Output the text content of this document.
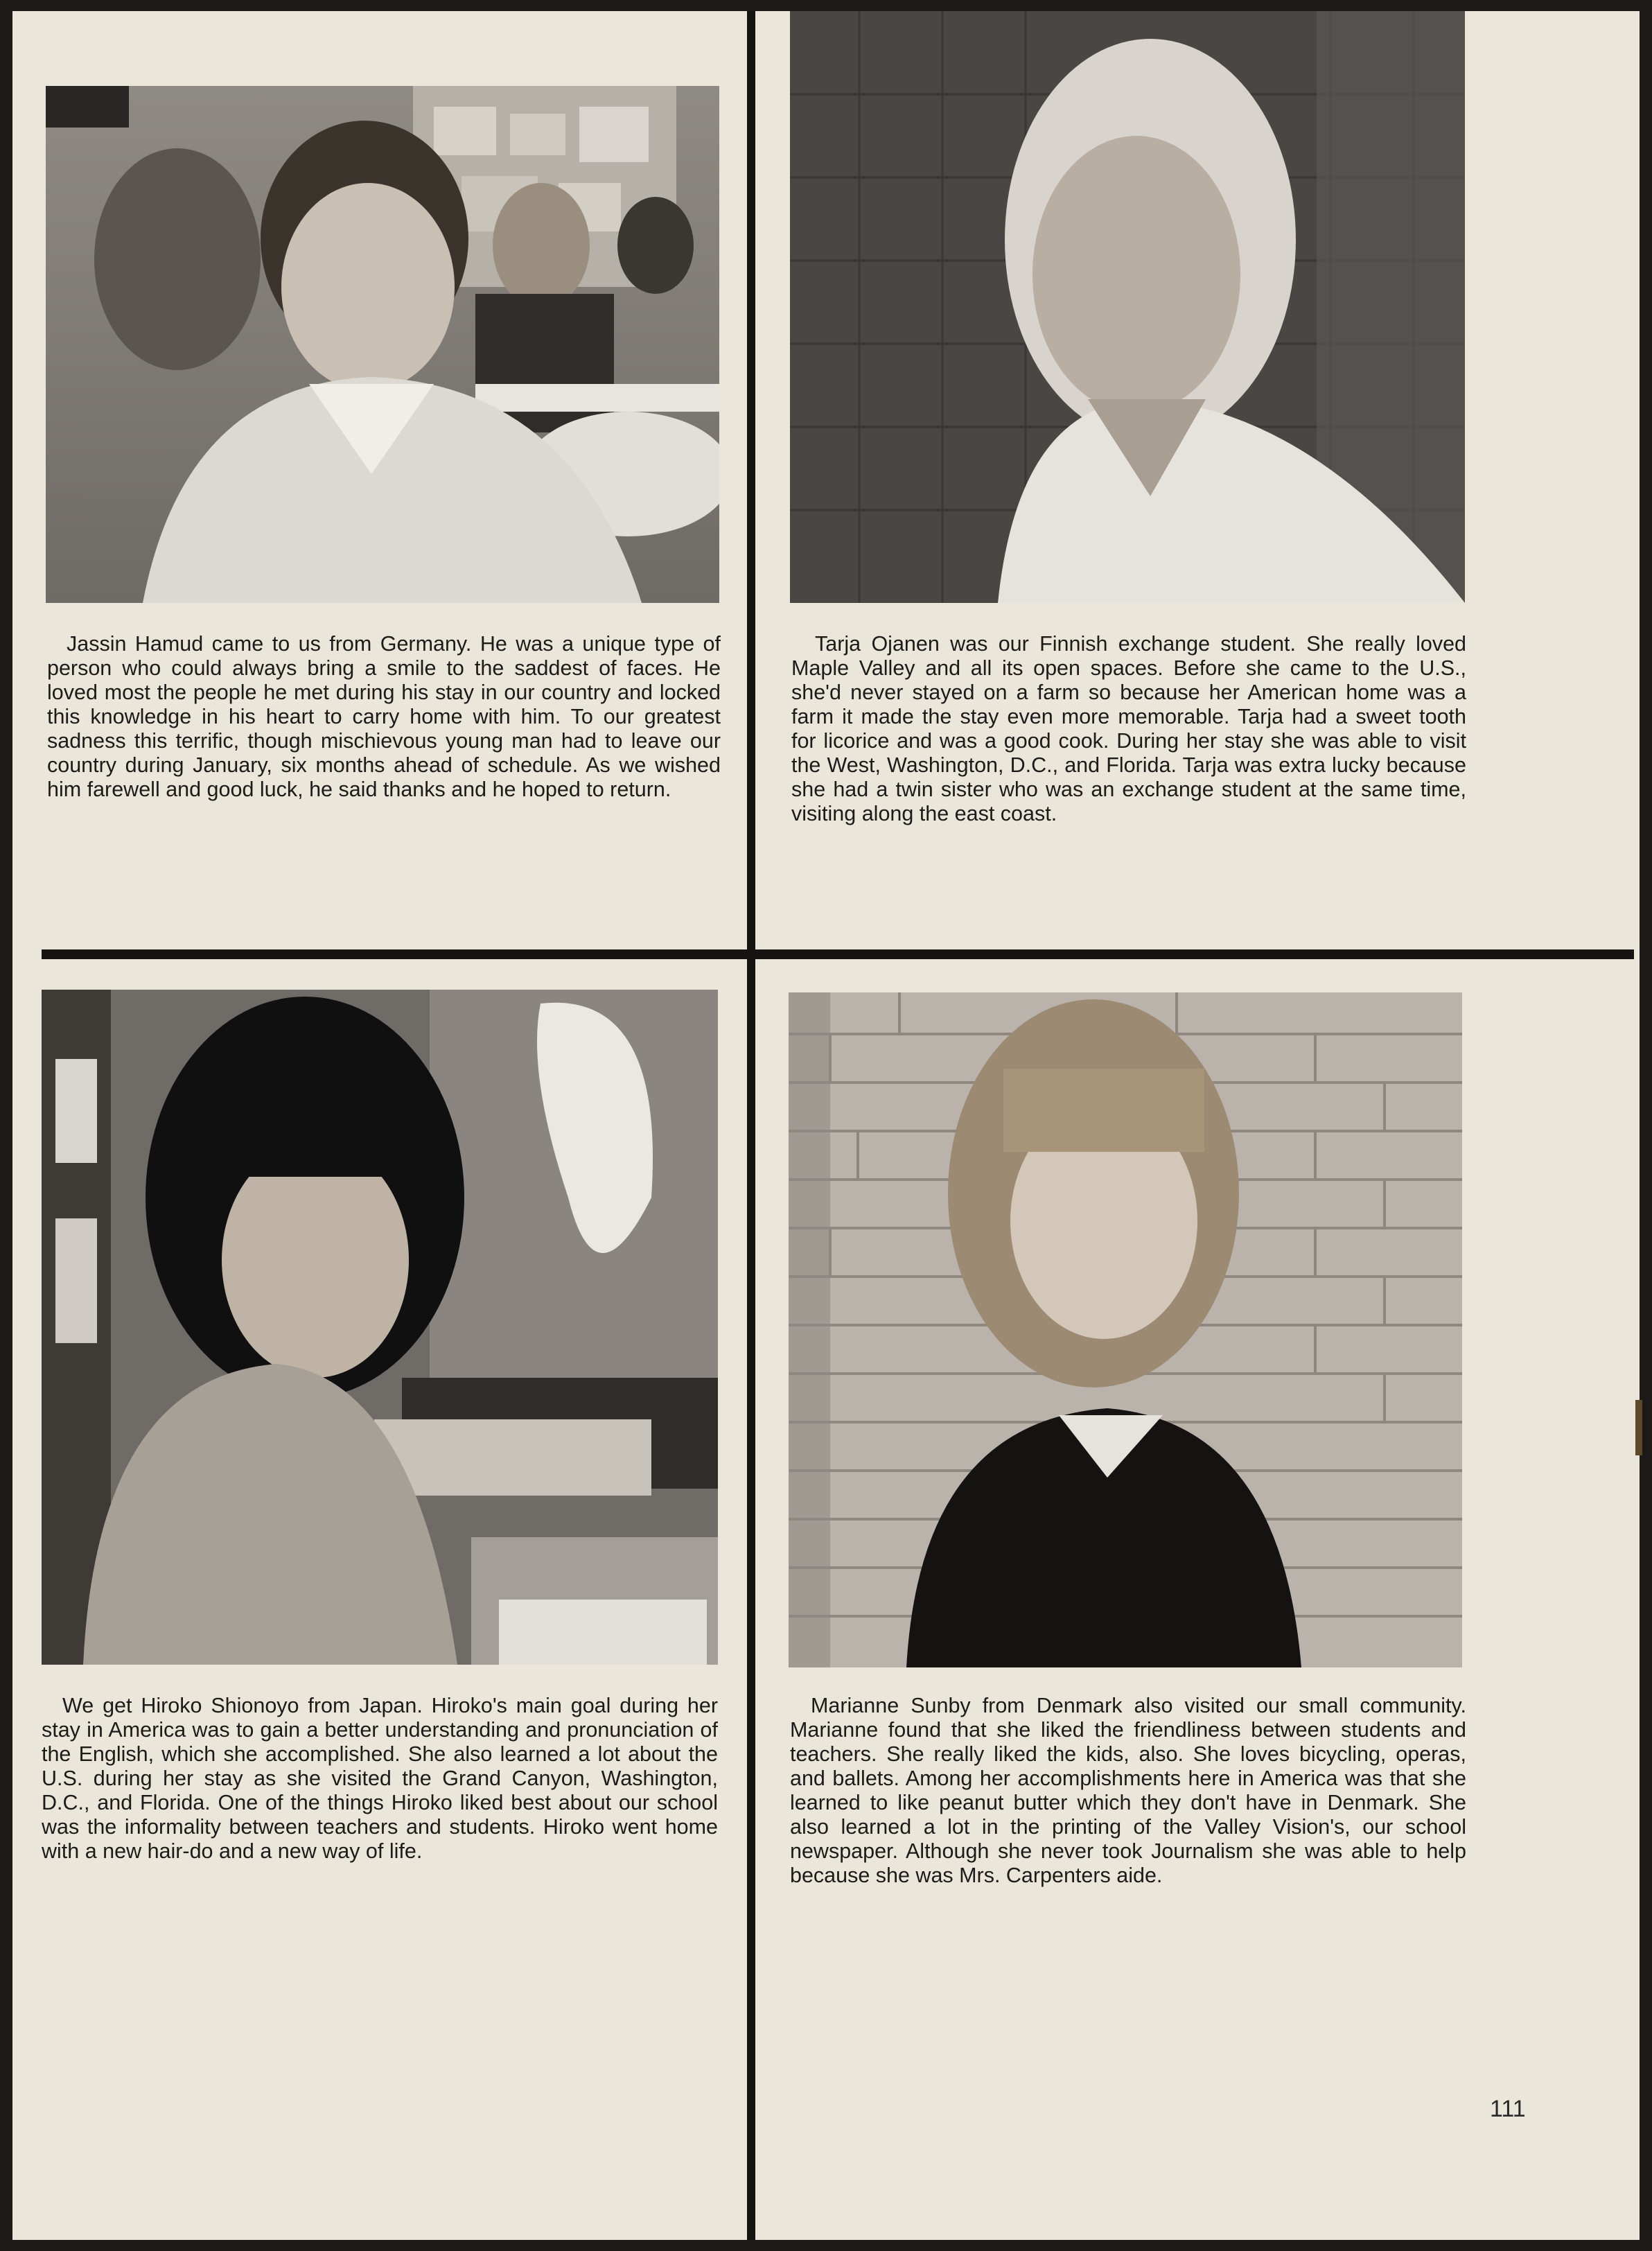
Jassin Hamud came to us from Germany. He was a unique type of person who could always bring a smile to the saddest of faces. He loved most the people he met during his stay in our country and locked this knowledge in his heart to carry home with him. To our greatest sadness this terrific, though mischievous young man had to leave our country during January, six months ahead of schedule. As we wished him farewell and good luck, he said thanks and he hoped to return.

Tarja Ojanen was our Finnish exchange student. She really loved Maple Valley and all its open spaces. Before she came to the U.S., she'd never stayed on a farm so because her American home was a farm it made the stay even more memorable. Tarja had a sweet tooth for licorice and was a good cook. During her stay she was able to visit the West, Washington, D.C., and Florida. Tarja was extra lucky because she had a twin sister who was an exchange student at the same time, visiting along the east coast.

We get Hiroko Shionoyo from Japan. Hiroko's main goal during her stay in America was to gain a better understanding and pronunciation of the English, which she accomplished. She also learned a lot about the U.S. during her stay as she visited the Grand Canyon, Washington, D.C., and Florida. One of the things Hiroko liked best about our school was the informality between teachers and students. Hiroko went home with a new hair-do and a new way of life.

Marianne Sunby from Denmark also visited our small community. Marianne found that she liked the friendliness between students and teachers. She really liked the kids, also. She loves bicycling, operas, and ballets. Among her accomplishments here in America was that she learned to like peanut butter which they don't have in Denmark. She also learned a lot in the printing of the Valley Vision's, our school newspaper. Although she never took Journalism she was able to help because she was Mrs. Carpenters aide.

111
